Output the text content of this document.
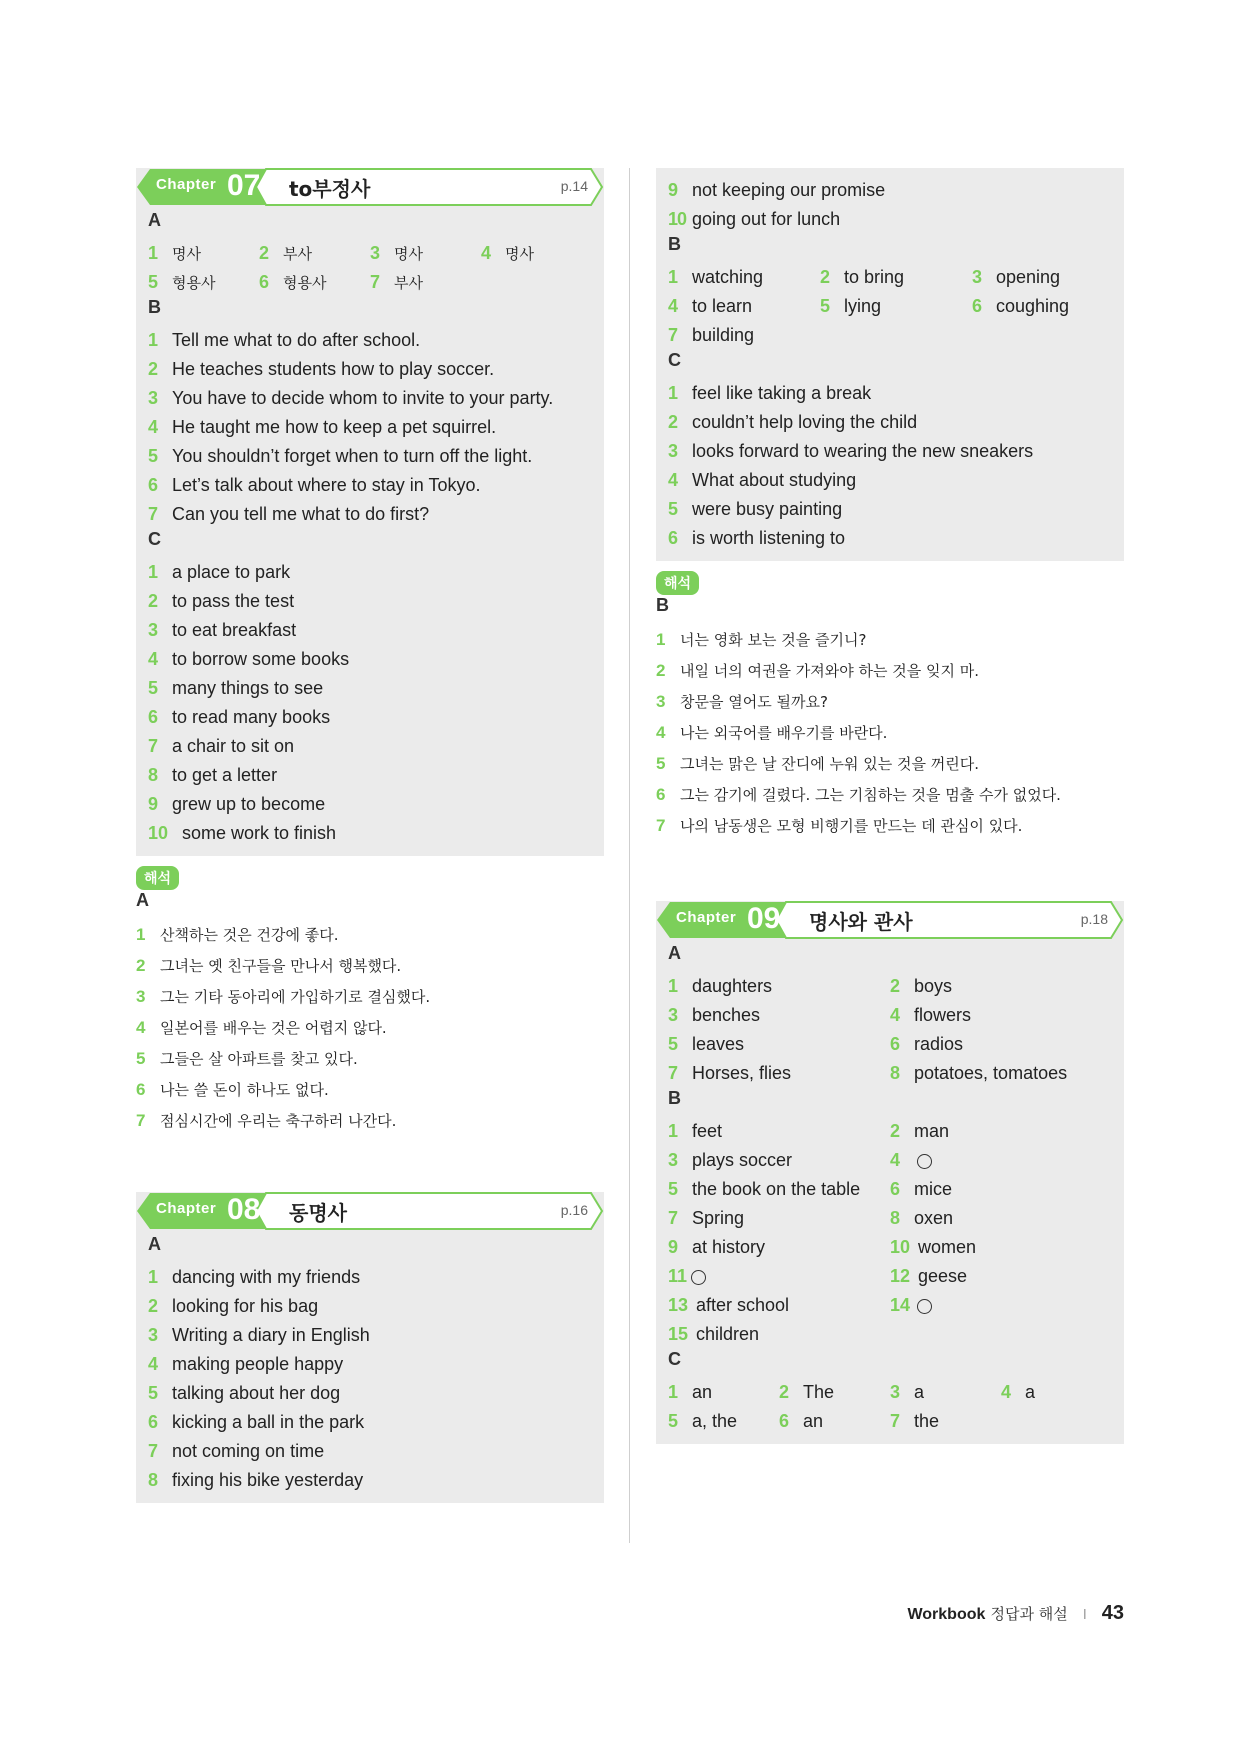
Chapter 07 to부정사	p.14
A
1 명사	2 부사	3 명사	4 명사
5 형용사 6 형용사 7 부사
B
1 Tell me what to do after school.
2 He teaches students how to play soccer.
3 You have to decide whom to invite to your party.
4 He taught me how to keep a pet squirrel.
5 You shouldn’t forget when to turn off the light.
6 Let’s talk about where to stay in Tokyo.
7 Can you tell me what to do first?
C
1 a place to park
2 to pass the test
3 to eat breakfast
4 to borrow some books
5 many things to see
6 to read many books
7 a chair to sit on
8 to get a letter
9 grew up to become
10 some work to finish
해석
A
1 산책하는 것은 건강에 좋다.
2 그녀는 옛 친구들을 만나서 행복했다.
3 그는 기타 동아리에 가입하기로 결심했다.
4 일본어를 배우는 것은 어렵지 않다.
5 그들은 살 아파트를 찾고 있다.
6 나는 쓸 돈이 하나도 없다.
7 점심시간에 우리는 축구하러 나간다.
Chapter 08 동명사	p.16
A
1 dancing with my friends
2 looking for his bag
3 Writing a diary in English
4 making people happy
5 talking about her dog
6 kicking a ball in the park
7 not coming on time
8 fixing his bike yesterday
9 not keeping our promise
10 going out for lunch
B
1 watching	2 to bring	3 opening
4 to learn	5 lying	6 coughing
7 building
C
1 feel like taking a break
2 couldn’t help loving the child
3 looks forward to wearing the new sneakers
4 What about studying
5 were busy painting
6 is worth listening to
해석
B
1 너는 영화 보는 것을 즐기니?
2 내일 너의 여권을 가져와야 하는 것을 잊지 마.
3 창문을 열어도 될까요?
4 나는 외국어를 배우기를 바란다.
5 그녀는 맑은 날 잔디에 누워 있는 것을 꺼린다.
6 그는 감기에 걸렸다. 그는 기침하는 것을 멈출 수가 없었다.
7 나의 남동생은 모형 비행기를 만드는 데 관심이 있다.
Chapter 09 명사와 관사	p.18
A
1 daughters	2 boys
3 benches	4 flowers
5 leaves	6 radios
7 Horses, flies	8 potatoes, tomatoes
B
1 feet	2 man
3 plays soccer	4
5 the book on the table 6 mice
7 Spring	8 oxen
9 at history	10 women
11	12 geese
13 after school	14
15 children
C
1 an	2 The	3 a	4 a
5 a, the 6 an	7 the
Workbook 정답과 해설 I 43
